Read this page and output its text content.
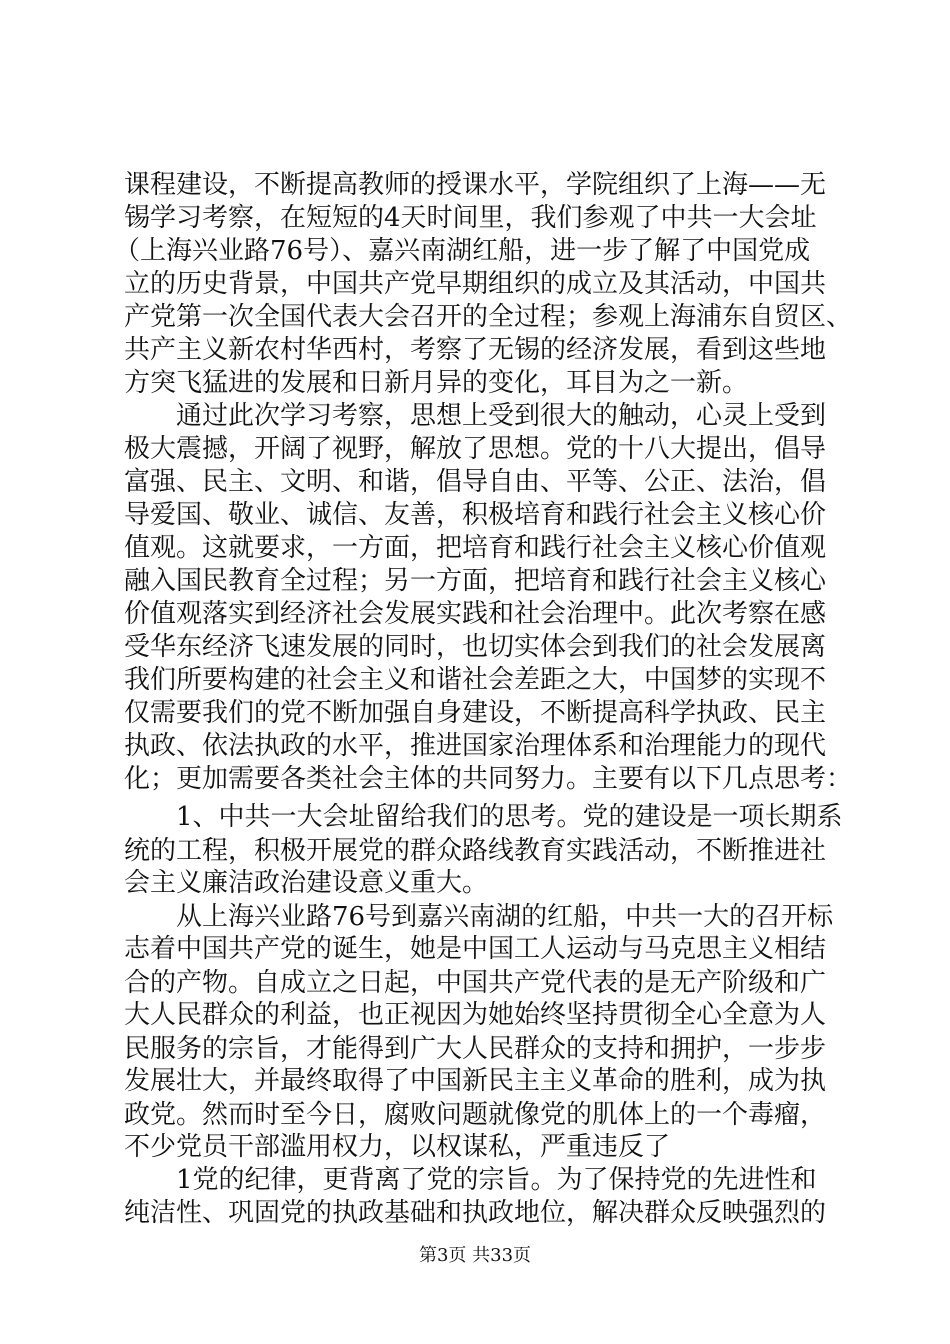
课程建设，不断提高教师的授课水平，学院组织了上海——无
锡学习考察，在短短的4天时间里，我们参观了中共一大会址
（上海兴业路76号）、嘉兴南湖红船，进一步了解了中国党成
立的历史背景，中国共产党早期组织的成立及其活动，中国共
产党第一次全国代表大会召开的全过程；参观上海浦东自贸区、
共产主义新农村华西村，考察了无锡的经济发展，看到这些地
方突飞猛进的发展和日新月异的变化，耳目为之一新。
通过此次学习考察，思想上受到很大的触动，心灵上受到
极大震撼，开阔了视野，解放了思想。党的十八大提出，倡导
富强、民主、文明、和谐，倡导自由、平等、公正、法治，倡
导爱国、敬业、诚信、友善，积极培育和践行社会主义核心价
值观。这就要求，一方面，把培育和践行社会主义核心价值观
融入国民教育全过程；另一方面，把培育和践行社会主义核心
价值观落实到经济社会发展实践和社会治理中。此次考察在感
受华东经济飞速发展的同时，也切实体会到我们的社会发展离
我们所要构建的社会主义和谐社会差距之大，中国梦的实现不
仅需要我们的党不断加强自身建设，不断提高科学执政、民主
执政、依法执政的水平，推进国家治理体系和治理能力的现代
化；更加需要各类社会主体的共同努力。主要有以下几点思考：
1、中共一大会址留给我们的思考。党的建设是一项长期系
统的工程，积极开展党的群众路线教育实践活动，不断推进社
会主义廉洁政治建设意义重大。
从上海兴业路76号到嘉兴南湖的红船，中共一大的召开标
志着中国共产党的诞生，她是中国工人运动与马克思主义相结
合的产物。自成立之日起，中国共产党代表的是无产阶级和广
大人民群众的利益，也正视因为她始终坚持贯彻全心全意为人
民服务的宗旨，才能得到广大人民群众的支持和拥护，一步步
发展壮大，并最终取得了中国新民主主义革命的胜利，成为执
政党。然而时至今日，腐败问题就像党的肌体上的一个毒瘤，
不少党员干部滥用权力，以权谋私，严重违反了
1党的纪律，更背离了党的宗旨。为了保持党的先进性和
纯洁性、巩固党的执政基础和执政地位，解决群众反映强烈的
第3页 共33页
